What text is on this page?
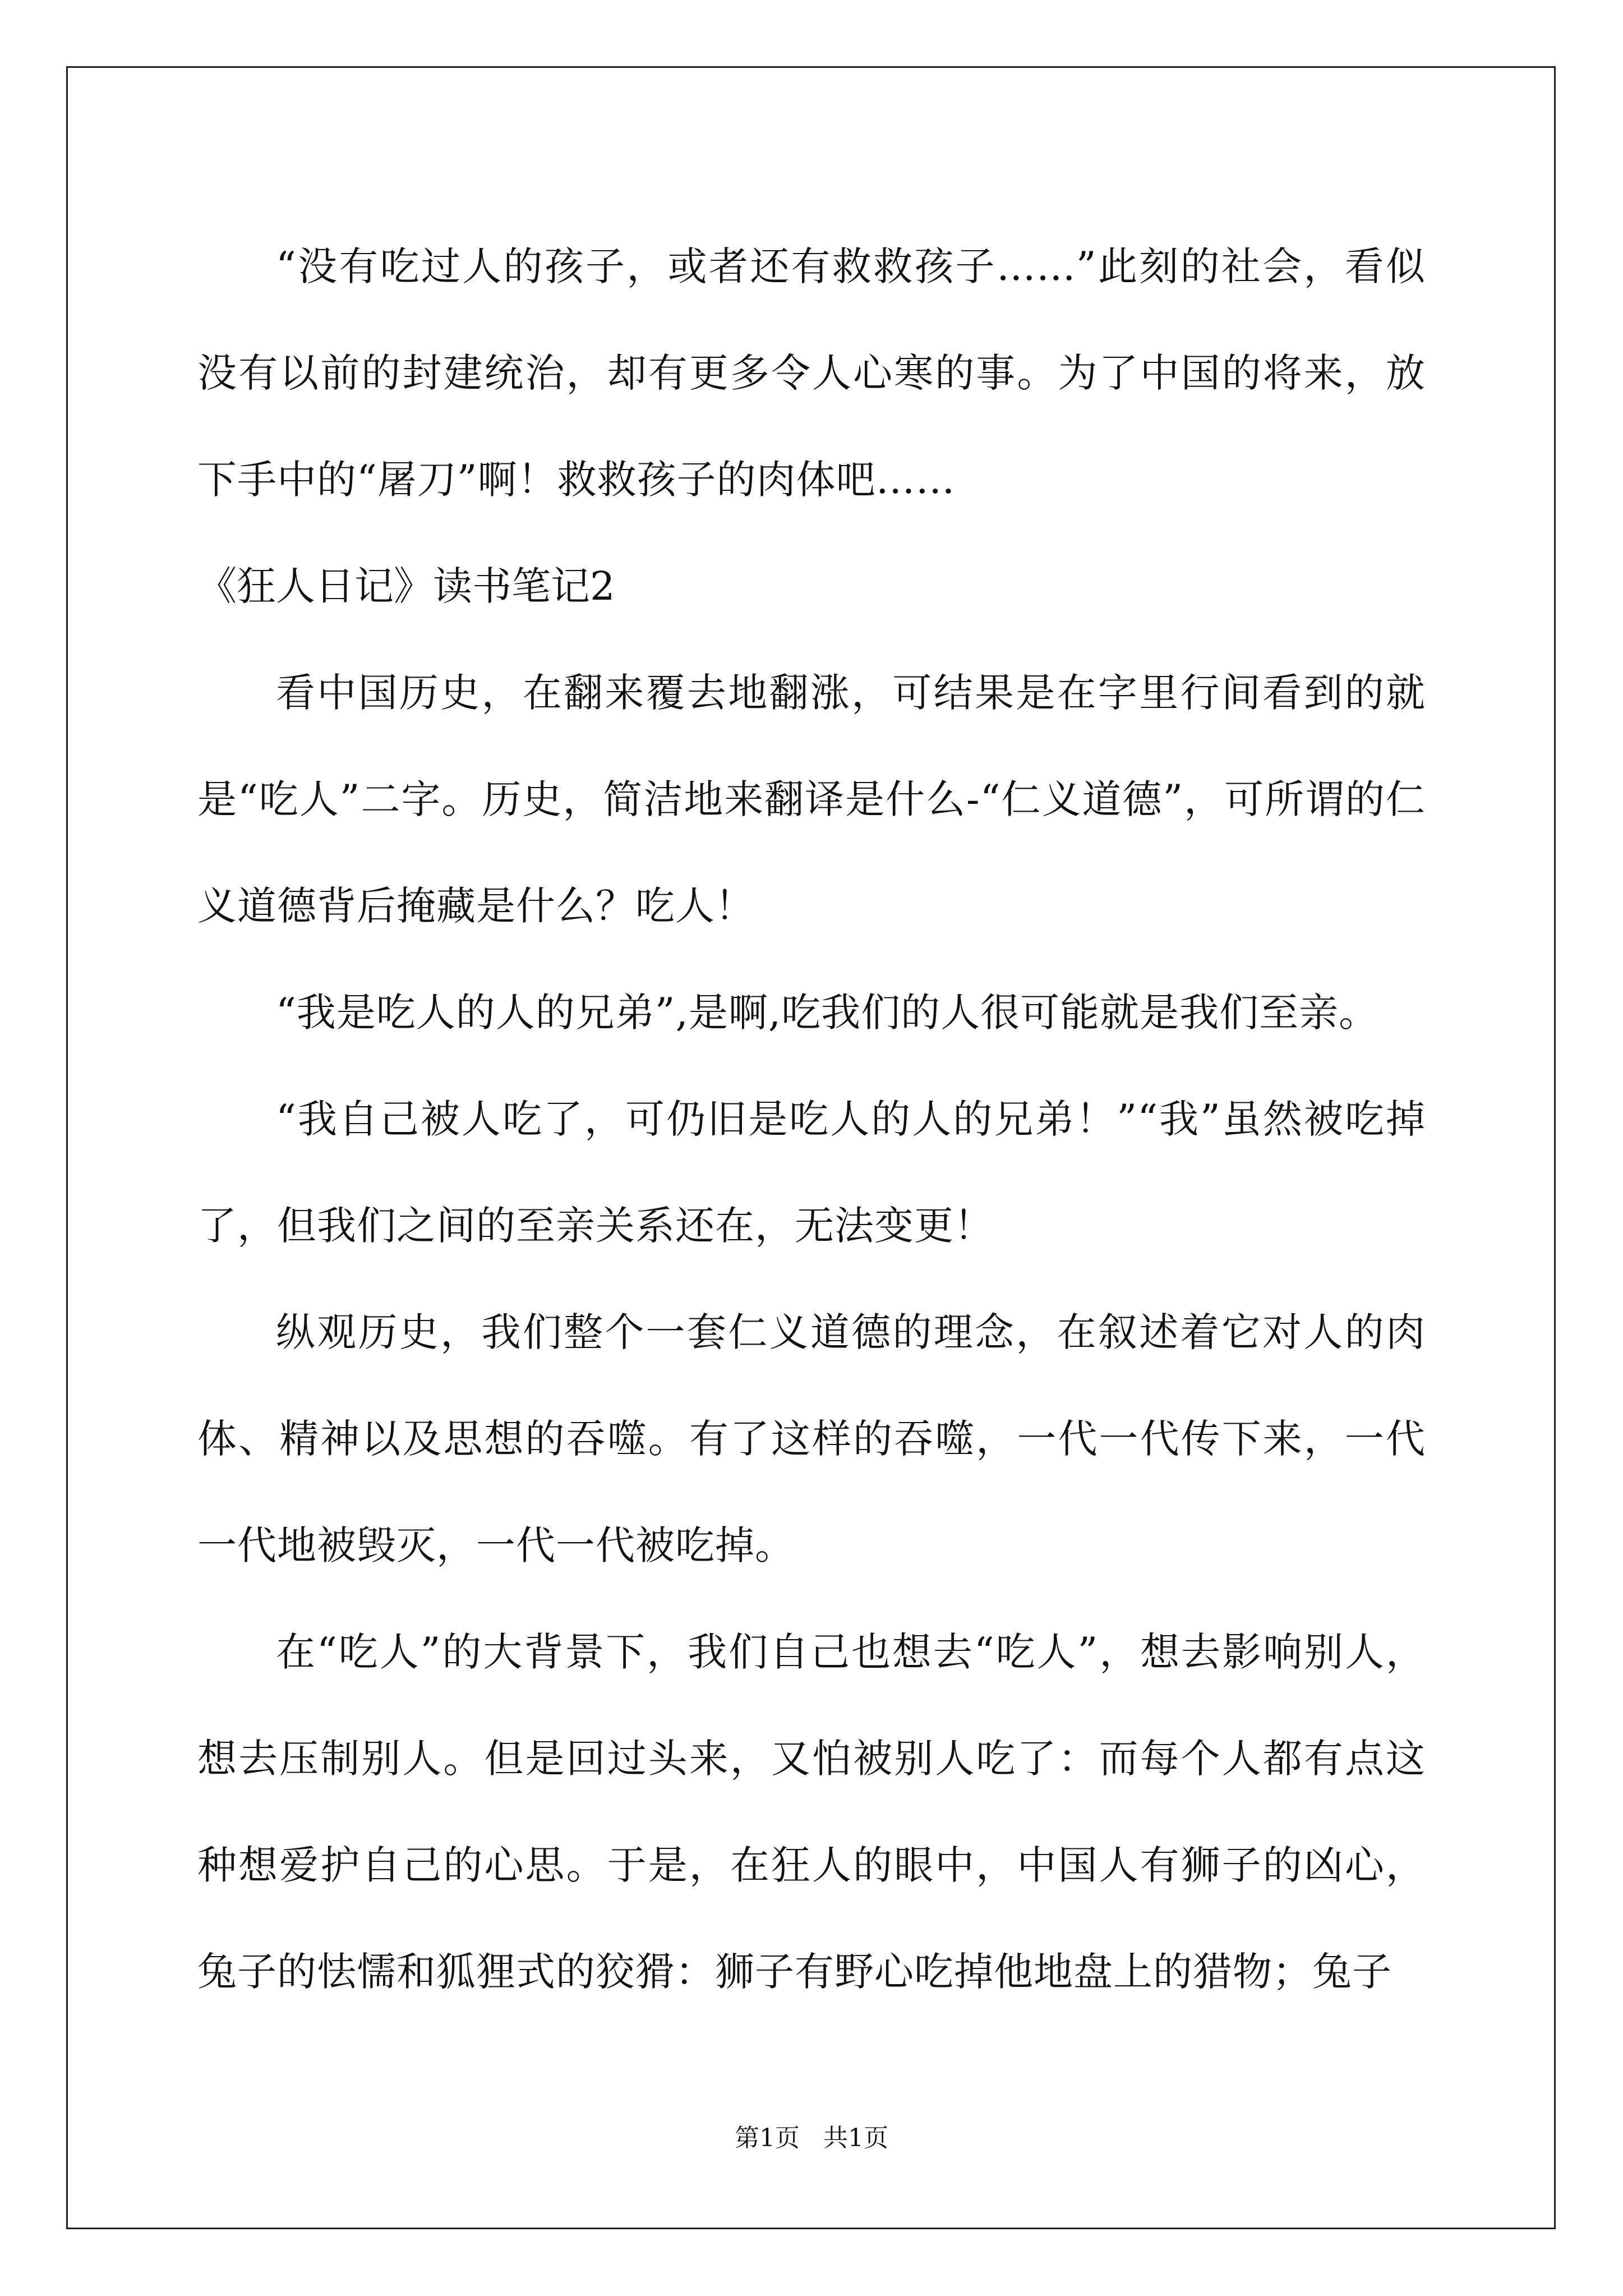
“没有吃过人的孩子，或者还有救救孩子……”此刻的社会，看似没有以前的封建统治，却有更多令人心寒的事。为了中国的将来，放下手中的“屠刀”啊！救救孩子的肉体吧……

《狂人日记》读书笔记2

看中国历史，在翻来覆去地翻涨，可结果是在字里行间看到的就是“吃人”二字。历史，简洁地来翻译是什么-“仁义道德”，可所谓的仁义道德背后掩藏是什么？吃人！

“我是吃人的人的兄弟”,是啊,吃我们的人很可能就是我们至亲。

“我自己被人吃了，可仍旧是吃人的人的兄弟！”“我”虽然被吃掉了，但我们之间的至亲关系还在，无法变更！

纵观历史，我们整个一套仁义道德的理念，在叙述着它对人的肉体、精神以及思想的吞噬。有了这样的吞噬，一代一代传下来，一代一代地被毁灭，一代一代被吃掉。

在“吃人”的大背景下，我们自己也想去“吃人”，想去影响别人，想去压制别人。但是回过头来，又怕被别人吃了：而每个人都有点这种想爱护自己的心思。于是，在狂人的眼中，中国人有狮子的凶心，兔子的怯懦和狐狸式的狡猾：狮子有野心吃掉他地盘上的猎物；兔子

第1页 共1页
